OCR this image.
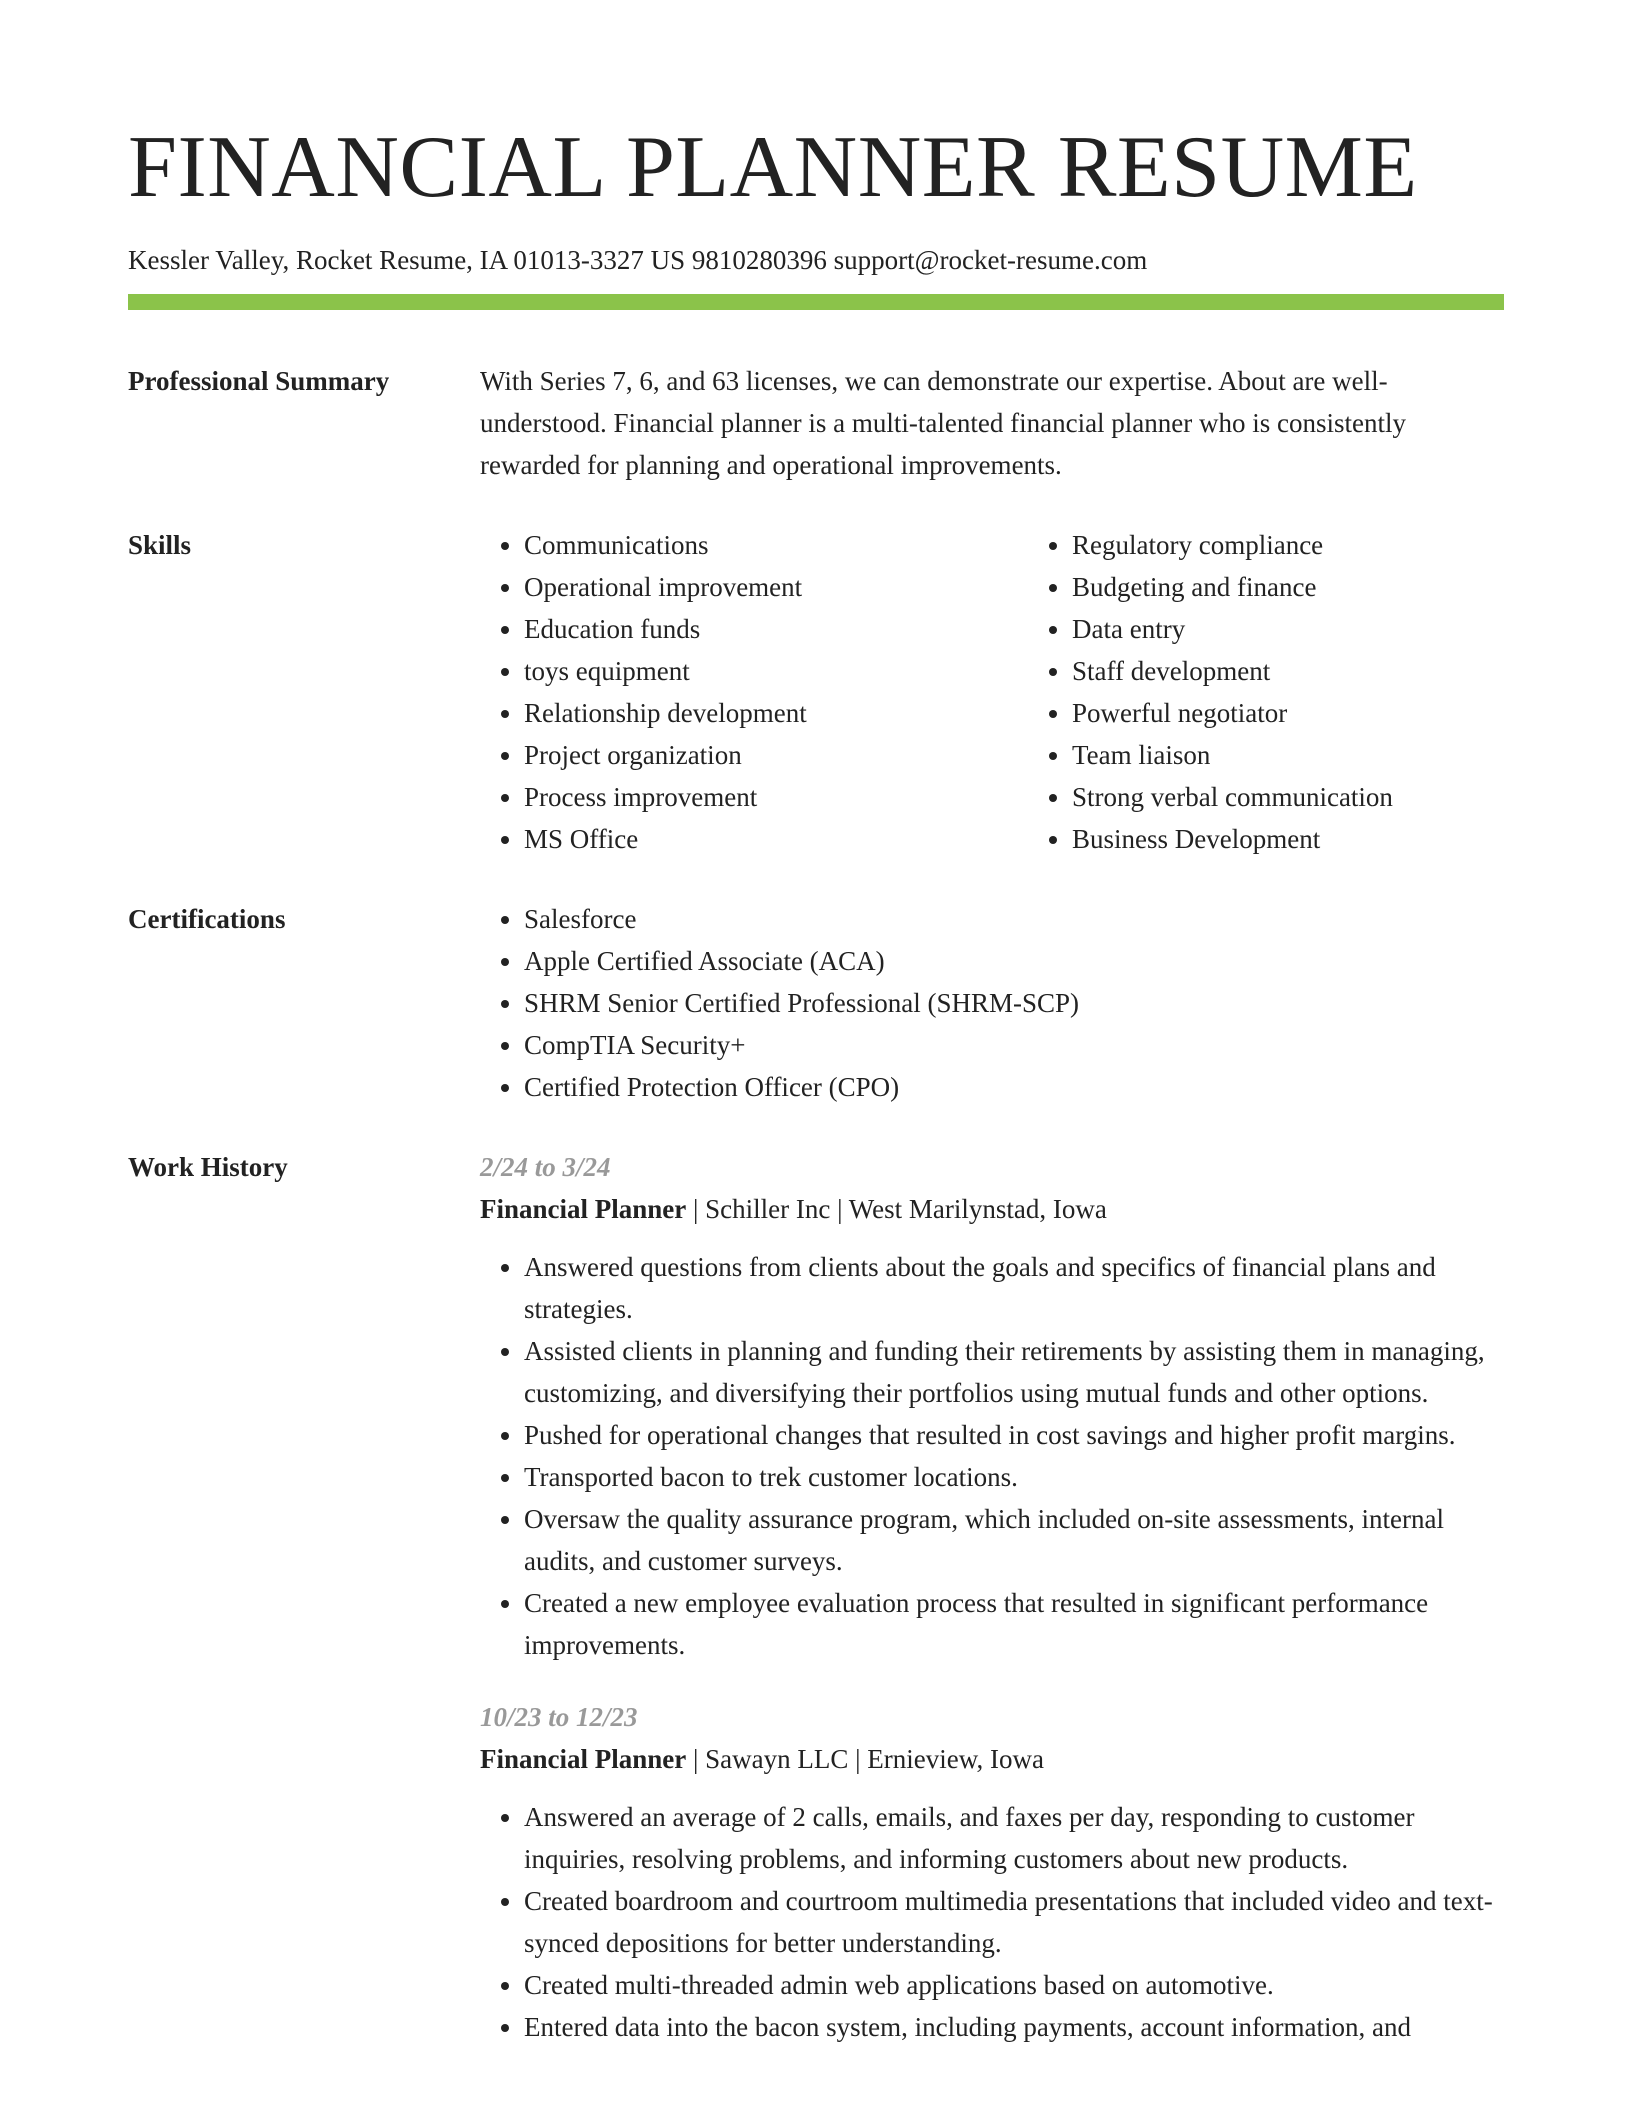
FINANCIAL PLANNER RESUME
Kessler Valley, Rocket Resume, IA 01013-3327 US 9810280396 support@rocket-resume.com
Professional Summary	With Series 7, 6, and 63 licenses, we can demonstrate our expertise. About are well-understood. Financial planner is a multi-talented financial planner who is consistently rewarded for planning and operational improvements.

Skills	• Communications
• Operational improvement
• Education funds
• toys equipment
• Relationship development
• Project organization
• Process improvement
• MS Office
• Regulatory compliance
• Budgeting and finance
• Data entry
• Staff development
• Powerful negotiator
• Team liaison
• Strong verbal communication
• Business Development
Certifications	• Salesforce
• Apple Certified Associate (ACA)
• SHRM Senior Certified Professional (SHRM-SCP)
• CompTIA Security+
• Certified Protection Officer (CPO)
Work History	2/24 to 3/24
Financial Planner | Schiller Inc | West Marilynstad, Iowa
• Answered questions from clients about the goals and specifics of financial plans and strategies.
• Assisted clients in planning and funding their retirements by assisting them in managing, customizing, and diversifying their portfolios using mutual funds and other options.
• Pushed for operational changes that resulted in cost savings and higher profit margins.
• Transported bacon to trek customer locations.
• Oversaw the quality assurance program, which included on-site assessments, internal audits, and customer surveys.
• Created a new employee evaluation process that resulted in significant performance improvements.
10/23 to 12/23
Financial Planner | Sawayn LLC | Ernieview, Iowa
• Answered an average of 2 calls, emails, and faxes per day, responding to customer inquiries, resolving problems, and informing customers about new products.
• Created boardroom and courtroom multimedia presentations that included video and text-synced depositions for better understanding.
• Created multi-threaded admin web applications based on automotive.
• Entered data into the bacon system, including payments, account information, and
